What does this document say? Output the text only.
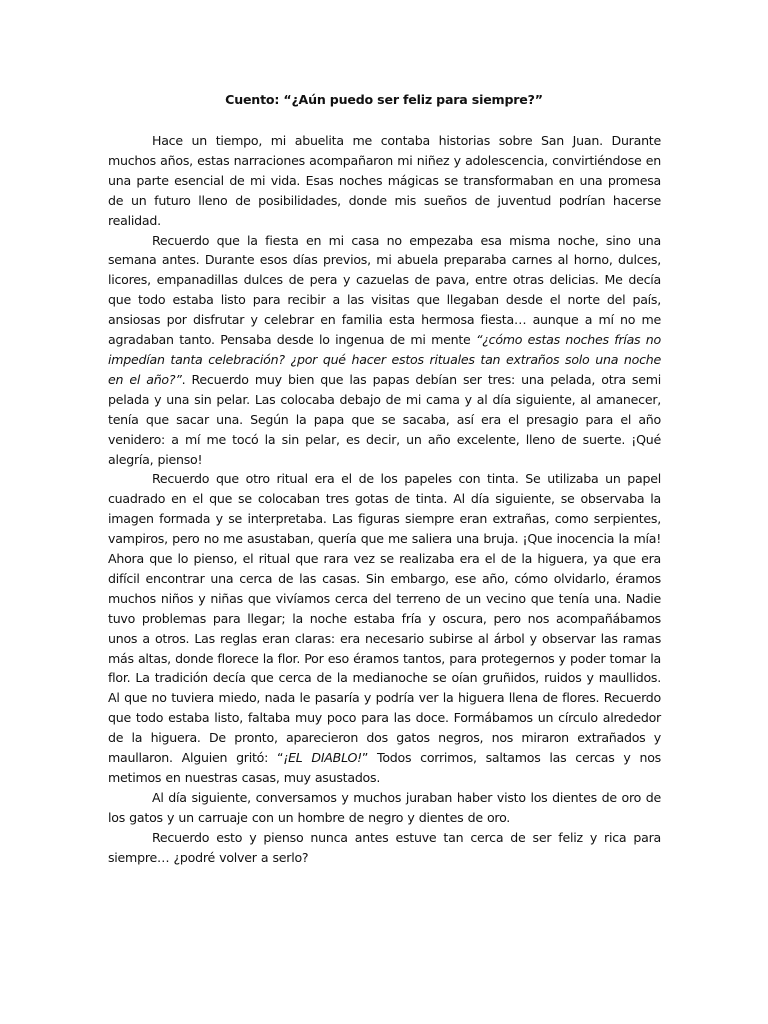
Cuento: “¿Aún puedo ser feliz para siempre?”

Hace un tiempo, mi abuelita me contaba historias sobre San Juan. Durante muchos años, estas narraciones acompañaron mi niñez y adolescencia, convirtiéndose en una parte esencial de mi vida. Esas noches mágicas se transformaban en una promesa de un futuro lleno de posibilidades, donde mis sueños de juventud podrían hacerse realidad.

Recuerdo que la fiesta en mi casa no empezaba esa misma noche, sino una semana antes. Durante esos días previos, mi abuela preparaba carnes al horno, dulces, licores, empanadillas dulces de pera y cazuelas de pava, entre otras delicias. Me decía que todo estaba listo para recibir a las visitas que llegaban desde el norte del país, ansiosas por disfrutar y celebrar en familia esta hermosa fiesta… aunque a mí no me agradaban tanto. Pensaba desde lo ingenua de mi mente “¿cómo estas noches frías no impedían tanta celebración? ¿por qué hacer estos rituales tan extraños solo una noche en el año?”. Recuerdo muy bien que las papas debían ser tres: una pelada, otra semi pelada y una sin pelar. Las colocaba debajo de mi cama y al día siguiente, al amanecer, tenía que sacar una. Según la papa que se sacaba, así era el presagio para el año venidero: a mí me tocó la sin pelar, es decir, un año excelente, lleno de suerte. ¡Qué alegría, pienso!

Recuerdo que otro ritual era el de los papeles con tinta. Se utilizaba un papel cuadrado en el que se colocaban tres gotas de tinta. Al día siguiente, se observaba la imagen formada y se interpretaba. Las figuras siempre eran extrañas, como serpientes, vampiros, pero no me asustaban, quería que me saliera una bruja. ¡Que inocencia la mía! Ahora que lo pienso, el ritual que rara vez se realizaba era el de la higuera, ya que era difícil encontrar una cerca de las casas. Sin embargo, ese año, cómo olvidarlo, éramos muchos niños y niñas que vivíamos cerca del terreno de un vecino que tenía una. Nadie tuvo problemas para llegar; la noche estaba fría y oscura, pero nos acompañábamos unos a otros. Las reglas eran claras: era necesario subirse al árbol y observar las ramas más altas, donde florece la flor. Por eso éramos tantos, para protegernos y poder tomar la flor. La tradición decía que cerca de la medianoche se oían gruñidos, ruidos y maullidos. Al que no tuviera miedo, nada le pasaría y podría ver la higuera llena de flores. Recuerdo que todo estaba listo, faltaba muy poco para las doce. Formábamos un círculo alrededor de la higuera. De pronto, aparecieron dos gatos negros, nos miraron extrañados y maullaron. Alguien gritó: “¡EL DIABLO!” Todos corrimos, saltamos las cercas y nos metimos en nuestras casas, muy asustados.

Al día siguiente, conversamos y muchos juraban haber visto los dientes de oro de los gatos y un carruaje con un hombre de negro y dientes de oro.

Recuerdo esto y pienso nunca antes estuve tan cerca de ser feliz y rica para siempre… ¿podré volver a serlo?
